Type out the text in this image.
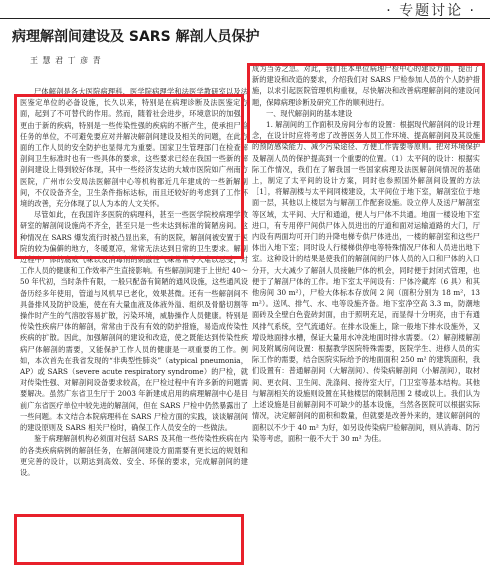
· 专题讨论 ·
病理解剖间建设及 SARS 解剖人员保护
王 慧 君 丁 彦 青

尸体解剖是各大医院病理科、医学院病理学和法医学教研室以及法医鉴定单位的必备设施，长久以来，特别是在病理诊断及法医鉴定方面，起到了不可替代的作用。然而，随着社会进步，环境意识的加强，更由于新的疾病，特别是一些传染性强的疾病的不断产生，使承担尸检任务的单位，不可避免要应对并解决解剖间建设及相关的问题，在此方面的工作人员的安全防护也显得尤为重要。国家卫生管理部门在检查解剖间卫生标准时也有一些具体的要求，这些要求已经在我国一些新的解剖间建设上得到较好体现，其中一些经济发达的大城市医院如广州南方医院，广州市公安局法医解剖中心等机构都近几年建成的一些新解剖间，不仅设备齐全，卫生条件指标达标，而且还较好的考虑到了工作环境的改善，充分体现了以人为本的人文关怀。

尽管如此，在我国许多医院的病理科，甚至一些医学院校病理学教研室的解剖间设施尚不齐全，甚至只是一些未达到标准的简陋房间。这种情况在 SARS 爆发流行时被凸显出来，有的医院，解剖间被安置于医院的较为偏僻的地方，冬暖夏凉，常常无法达到日常的卫生要求。解剖过程中尸体的腐败气味以及消毒剂的刺激性气味常常令人难以忍受，对工作人员的健康和工作效率产生直接影响。有些解剖间建于上世纪 40～50 年代初，当时条件有限，一般只配备有简陋的通风设施，这些通风设备历经多年使用，管道与风机早已老化，效果甚微。还有一些解剖间不具备排风及防护设施，使在有大量血液及体液外溢、组织及骨骼切割等操作时产生的气溶胶容易扩散，污染环境，威胁操作人员健康。特别是传染性疾病尸体的解剖，常常由于没有有效的防护措施，易造成传染性疾病的扩散。因此，加强解剖间的建设和改造，使之既能达到传染性疾病尸体解剖的需要，又能保护工作人员的健康是一项重要的工作。例如，本次首先在我省发现的“非典型性肺炎”（atypical pneumonia，AP）或 SARS（severe acute respiratory syndrome）的尸检，就对传染性强、对解剖间设备要求较高，在尸检过程中有许多新的问题需要解决。虽然广东省卫生厅于 2003 年新建成启用的病理解剖中心是目前广东省医疗单位中较先进的解剖间，但在 SARS 尸检中仍然暴露出了一些问题。本文结合本院病理科在 SARS 尸检方面的实践，谈谈解剖间的建设原则及 SARS 相关尸检时，确保工作人员安全的一些做法。

鉴于病理解剖机构必须面对包括 SARS 及其他一些传染性疾病在内的各类疾病病例的解剖任务，在解剖间建设方面需要有更长远的规划和更完善的设计，以期达到高效、安全、环保的要求，完成解剖间的建设。

成为当务之急。对此，我们在本单位病理尸检中心的建设方面，提出了新的建设和改造的要求，介绍我们对 SARS 尸检参加人员的个人防护措施，以求引起医院管理机构重视，尽快解决和改善病理解剖间的建设问题，保障病理诊断及研究工作的顺利进行。

一、现代解剖间的基本建设

1. 解剖间的工作面积及房间分布的设置：根据现代解剖间的设计理念，在设计时应将考虑了改善医务人员工作环境、提高解剖间及其设施的预防感染能力、减少污染途径、方便工作需要等原则。把对环境保护及解剖人员的保护提高到一个重要的位置。（1）太平间的设计：根据实际工作情况，我们在了解我国一些国家病理及法医解剖间情况的基础上，制定了太平间的设计方案，同时也参照国外解剖间设置的方法［1］，将解剖楼与太平间同楼建设，太平间位于地下室，解剖室位于地面一层，其他以上楼层为与解剖工作配套设施。设立停人及送尸解剖室等区域，太平间、大厅和通道，便人与尸体不共通。地面一楼设地下室进口，有专用停尸间供尸体入员进出的厅道和面对运输道路的大门，厅内设有两面均可开门的升降电梯专供尸体进出，一楼的解剖室和这些尸体出入地下室；同时设人行楼梯供停电等特殊情况尸体和人员进出地下室。这种设计的结果是使我们的解剖间的尸体人员的入口和尸体的入口分开，大大减少了解剖人员接触尸体的机会，同时便于封闭式管理，也便于了解剖尸体的工作。地下室太平间设有：尸体冷藏库（6 具）和其他房间 30 m²），尸检大体标本存放间 2 间（面积分别为 18 m²，13 m²）。送风、排气、水、电等设施齐备。地下室净空高 3.3 m，防潮地面砖及全壁白色瓷砖封面，由于照明充足，而显得十分明亮，由于有通风排气系统，空气流通好。在排水设施上，除一般地下排水设施外，又增设地面排水槽，保证大量用水冲洗地面时排水需要。（2）解剖楼解剖间及附属房间设置：根据教学医院特殊需要，医院学生、进修人员的实际工作的需要，结合医院实际给予的地面面积 250 m² 的建筑面积，我们设置有：普通解剖间（大解剖间）、传染病解剖间（小解剖间），取材间、更衣间、卫生间、洗涤间、接待室大厅，门卫室等基本结构。其他与解剖相关的设施则设置在其他楼层的限制范围 2 楼或以上。我们认为上述设施是目前解剖间不可缺少的基本设施，当然各医院可以根据实际情况，决定解剖间的面积和数量，但就要是改善外来的，建议解剖间的面积以不少于 40 m² 为好，如另设传染病尸检解剖间，则从消毒、防污染等考虑，面积一般不大于 30 m² 为佳。
